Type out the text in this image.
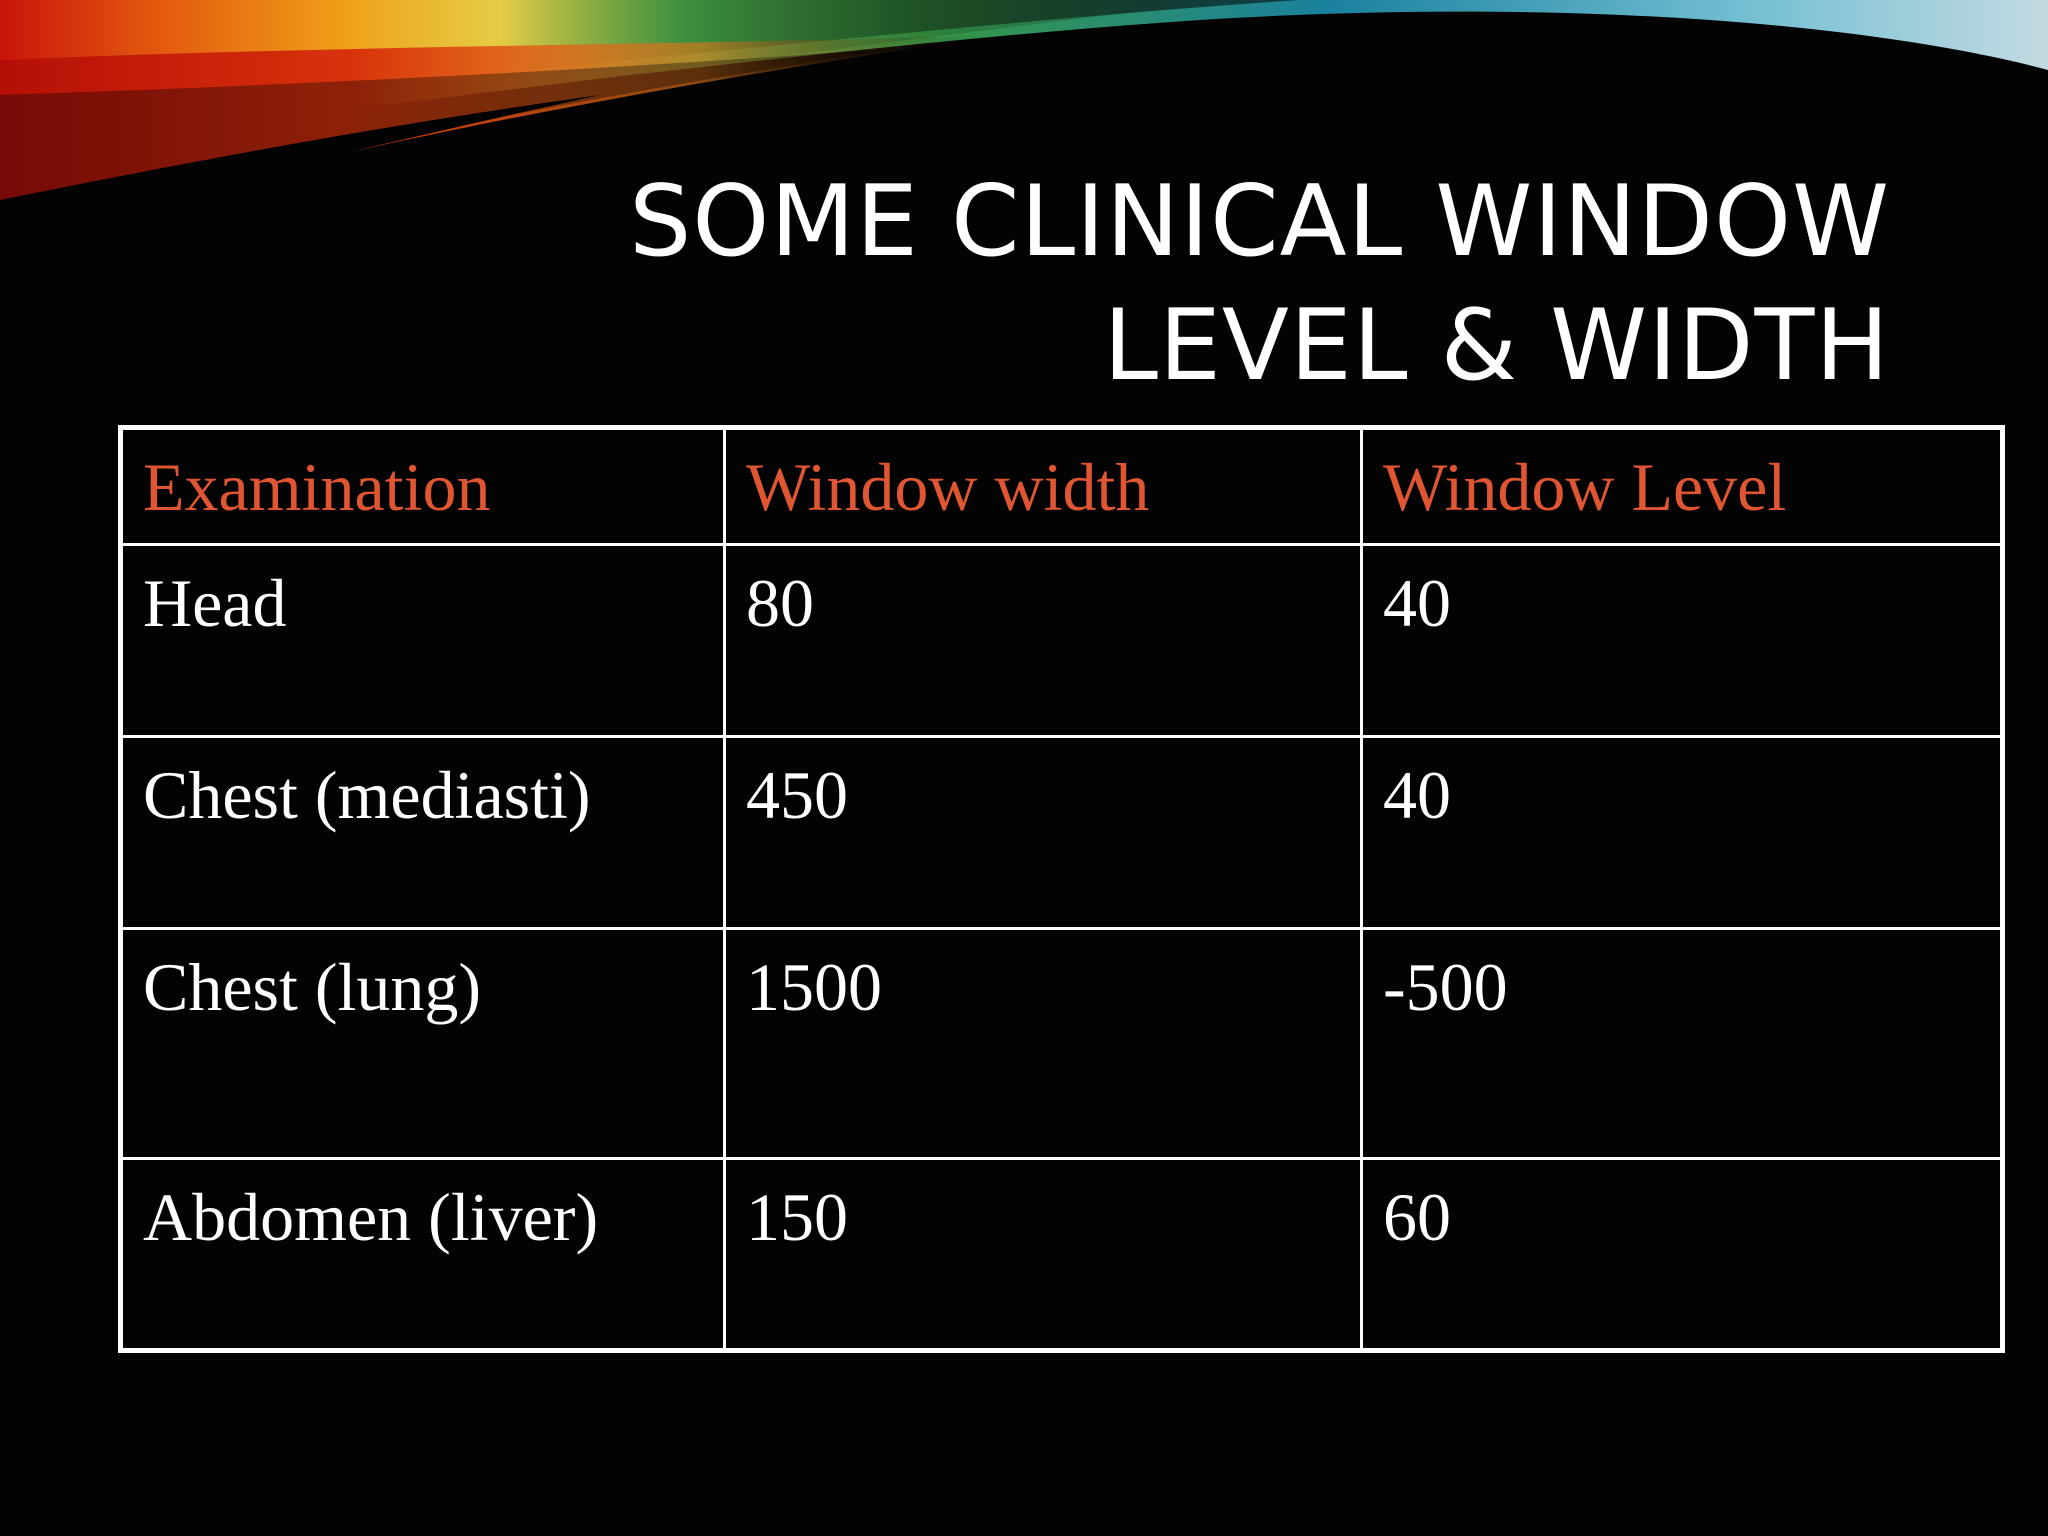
SOME CLINICAL WINDOW
LEVEL & WIDTH
Examination	Window width	Window Level
Head	80	40
Chest (mediasti)	450	40
Chest (lung)	1500	-500
Abdomen (liver)	150	60
